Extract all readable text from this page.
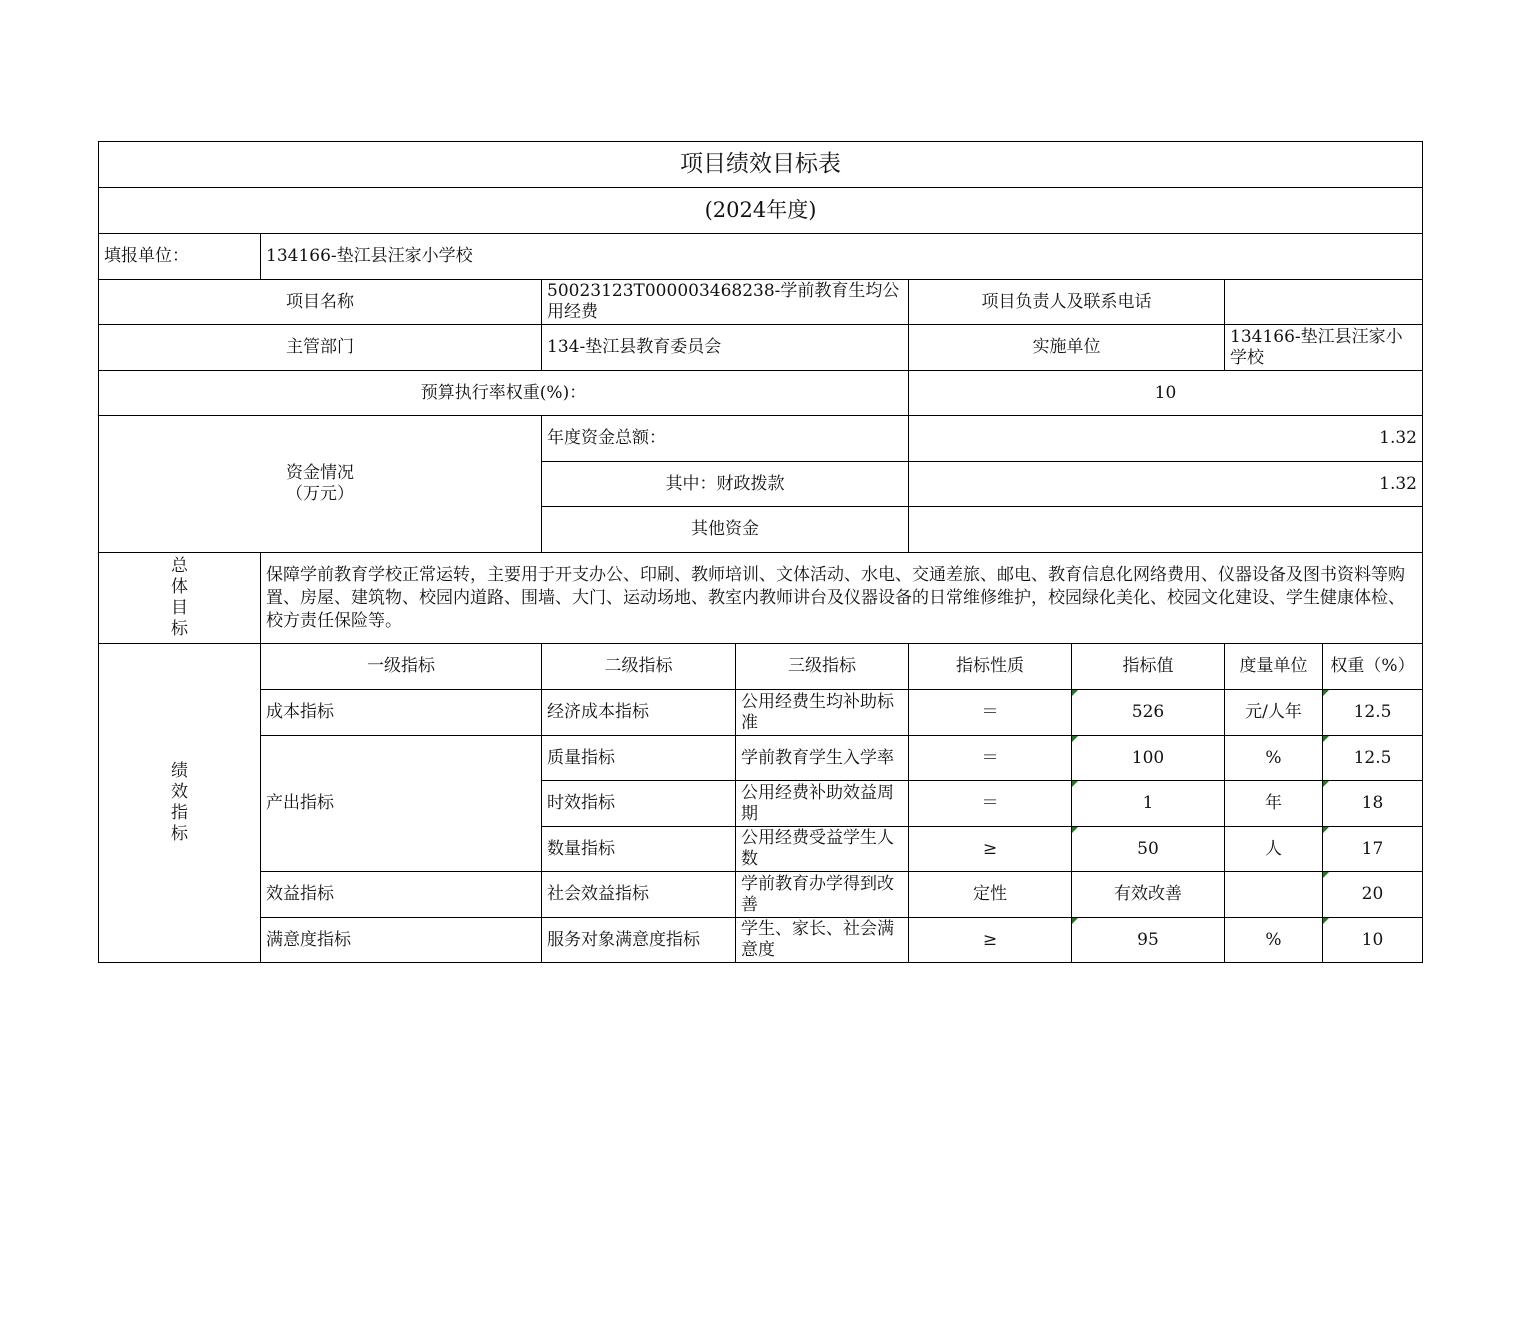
项目绩效目标表							
(2024年度)							
填报单位：	134166-垫江县汪家小学校						
项目名称		50023123T000003468238-学前教育生均公用经费		项目负责人及联系电话			
主管部门		134-垫江县教育委员会		实施单位		134166-垫江县汪家小学校	
预算执行率权重(%)：				10			

资金情况
（万元）		年度资金总额：		1.32			
		其中：财政拨款		1.32			
		其他资金					

总
体
目
标	保障学前教育学校正常运转，主要用于开支办公、印刷、教师培训、文体活动、水电、交通差旅、邮电、教育信息化网络费用、仪器设备及图书资料等购置、房屋、建筑物、校园内道路、围墙、大门、运动场地、教室内教师讲台及仪器设备的日常维修维护，校园绿化美化、校园文化建设、学生健康体检、校方责任保险等。						

绩
效
指
标	一级指标	二级指标	三级指标	指标性质	指标值	度量单位	权重（%）
	成本指标	经济成本指标	公用经费生均补助标准	＝	526	元/人年	12.5
	产出指标	质量指标	学前教育学生入学率	＝	100	%	12.5
		时效指标	公用经费补助效益周期	＝	1	年	18
		数量指标	公用经费受益学生人数	≥	50	人	17
	效益指标	社会效益指标	学前教育办学得到改善	定性	有效改善		20
	满意度指标	服务对象满意度指标	学生、家长、社会满意度	≥	95	%	10
